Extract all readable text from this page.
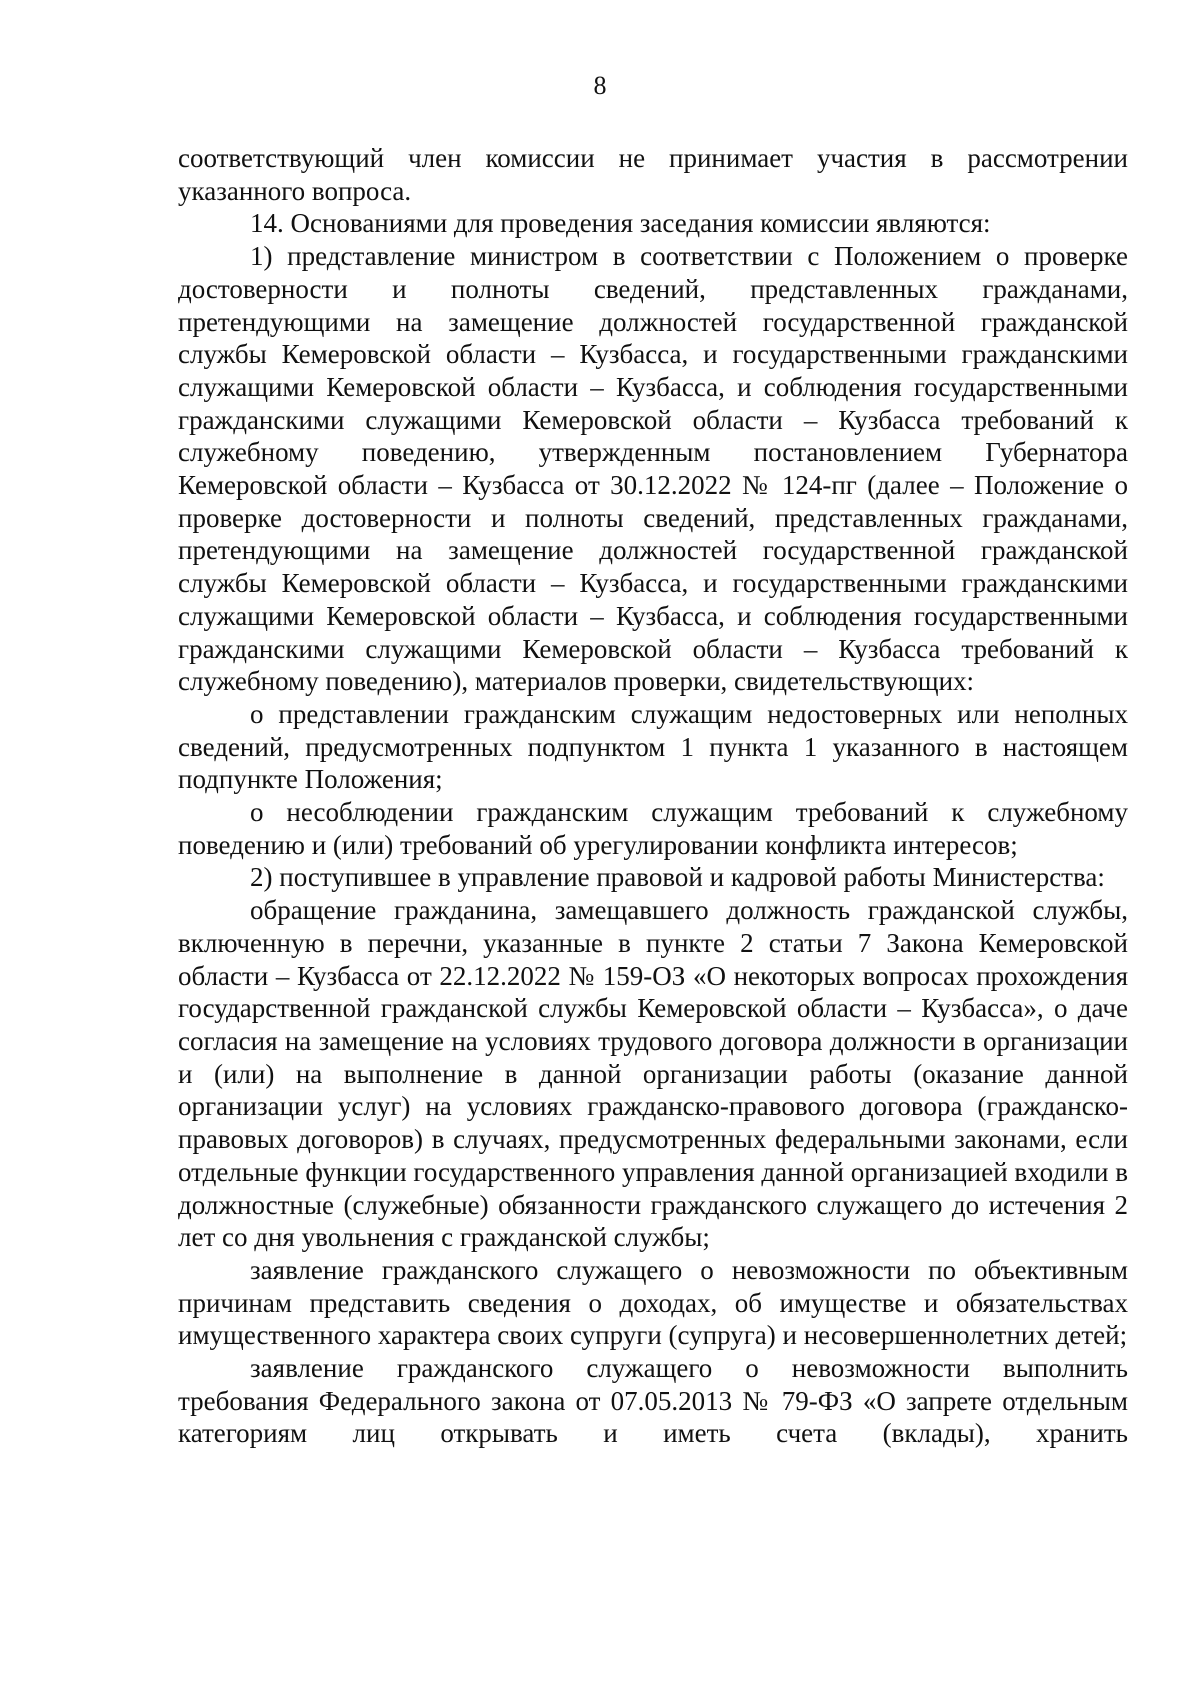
8

соответствующий член комиссии не принимает участия в рассмотрении указанного вопроса.

14. Основаниями для проведения заседания комиссии являются:

1) представление министром в соответствии с Положением о проверке достоверности и полноты сведений, представленных гражданами, претендующими на замещение должностей государственной гражданской службы Кемеровской области – Кузбасса, и государственными гражданскими служащими Кемеровской области – Кузбасса, и соблюдения государственными гражданскими служащими Кемеровской области – Кузбасса требований к служебному поведению, утвержденным постановлением Губернатора Кемеровской области – Кузбасса от 30.12.2022 № 124-пг (далее – Положение о проверке достоверности и полноты сведений, представленных гражданами, претендующими на замещение должностей государственной гражданской службы Кемеровской области – Кузбасса, и государственными гражданскими служащими Кемеровской области – Кузбасса, и соблюдения государственными гражданскими служащими Кемеровской области – Кузбасса требований к служебному поведению), материалов проверки, свидетельствующих:

о представлении гражданским служащим недостоверных или неполных сведений, предусмотренных подпунктом 1 пункта 1 указанного в настоящем подпункте Положения;

о несоблюдении гражданским служащим требований к служебному поведению и (или) требований об урегулировании конфликта интересов;

2) поступившее в управление правовой и кадровой работы Министерства:

обращение гражданина, замещавшего должность гражданской службы, включенную в перечни, указанные в пункте 2 статьи 7 Закона Кемеровской области – Кузбасса от 22.12.2022 № 159-ОЗ «О некоторых вопросах прохождения государственной гражданской службы Кемеровской области – Кузбасса», о даче согласия на замещение на условиях трудового договора должности в организации и (или) на выполнение в данной организации работы (оказание данной организации услуг) на условиях гражданско-правового договора (гражданско-правовых договоров) в случаях, предусмотренных федеральными законами, если отдельные функции государственного управления данной организацией входили в должностные (служебные) обязанности гражданского служащего до истечения 2 лет со дня увольнения с гражданской службы;

заявление гражданского служащего о невозможности по объективным причинам представить сведения о доходах, об имуществе и обязательствах имущественного характера своих супруги (супруга) и несовершеннолетних детей;

заявление гражданского служащего о невозможности выполнить требования Федерального закона от 07.05.2013 № 79-ФЗ «О запрете отдельным категориям лиц открывать и иметь счета (вклады), хранить
